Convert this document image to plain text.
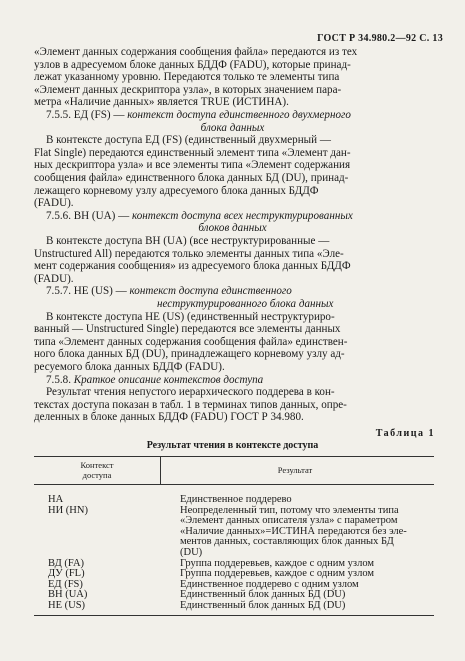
ГОСТ Р 34.980.2—92 С. 13
«Элемент данных содержания сообщения файла» передаются из тех
узлов в адресуемом блоке данных БДДФ (FADU), которые принад-
лежат указанному уровню. Передаются только те элементы типа
«Элемент данных дескриптора узла», в которых значением пара-
метра «Наличие данных» является TRUE (ИСТИНА).
7.5.5. ЕД (FS) — контекст доступа единственного двухмерного
блока данных
В контексте доступа ЕД (FS) (единственный двухмерный —
Flat Single) передаются единственный элемент типа «Элемент дан-
ных дескриптора узла» и все элементы типа «Элемент содержания
сообщения файла» единственного блока данных БД (DU), принад-
лежащего корневому узлу адресуемого блока данных БДДФ
(FADU).
7.5.6. ВН (UA) — контекст доступа всех неструктурированных
блоков данных
В контексте доступа ВН (UA) (все неструктурированные —
Unstructured All) передаются только элементы данных типа «Эле-
мент содержания сообщения» из адресуемого блока данных БДДФ
(FADU).
7.5.7. НЕ (US) — контекст доступа единственного
неструктурированного блока данных
В контексте доступа НЕ (US) (единственный неструктуриро-
ванный — Unstructured Single) передаются все элементы данных
типа «Элемент данных содержания сообщения файла» единствен-
ного блока данных БД (DU), принадлежащего корневому узлу ад-
ресуемого блока данных БДДФ (FADU).
7.5.8. Краткое описание контекстов доступа
Результат чтения непустого иерархического поддерева в кон-
текстах доступа показан в табл. 1 в терминах типов данных, опре-
деленных в блоке данных БДДФ (FADU) ГОСТ Р 34.980.
Таблица 1
Результат чтения в контексте доступа
Контекст
доступа	Результат
НА	Единственное поддерево
НИ (HN)	Неопределенный тип, потому что элементы типа
«Элемент данных описателя узла» с параметром
«Наличие данных»=ИСТИНА передаются без эле-
ментов данных, составляющих блок данных БД
(DU)
ВД (FA)	Группа поддеревьев, каждое с одним узлом
ДУ (FL)	Группа поддеревьев, каждое с одним узлом
ЕД (FS)	Единственное поддерево с одним узлом
ВН (UA)	Единственный блок данных БД (DU)
НЕ (US)	Единственный блок данных БД (DU)
